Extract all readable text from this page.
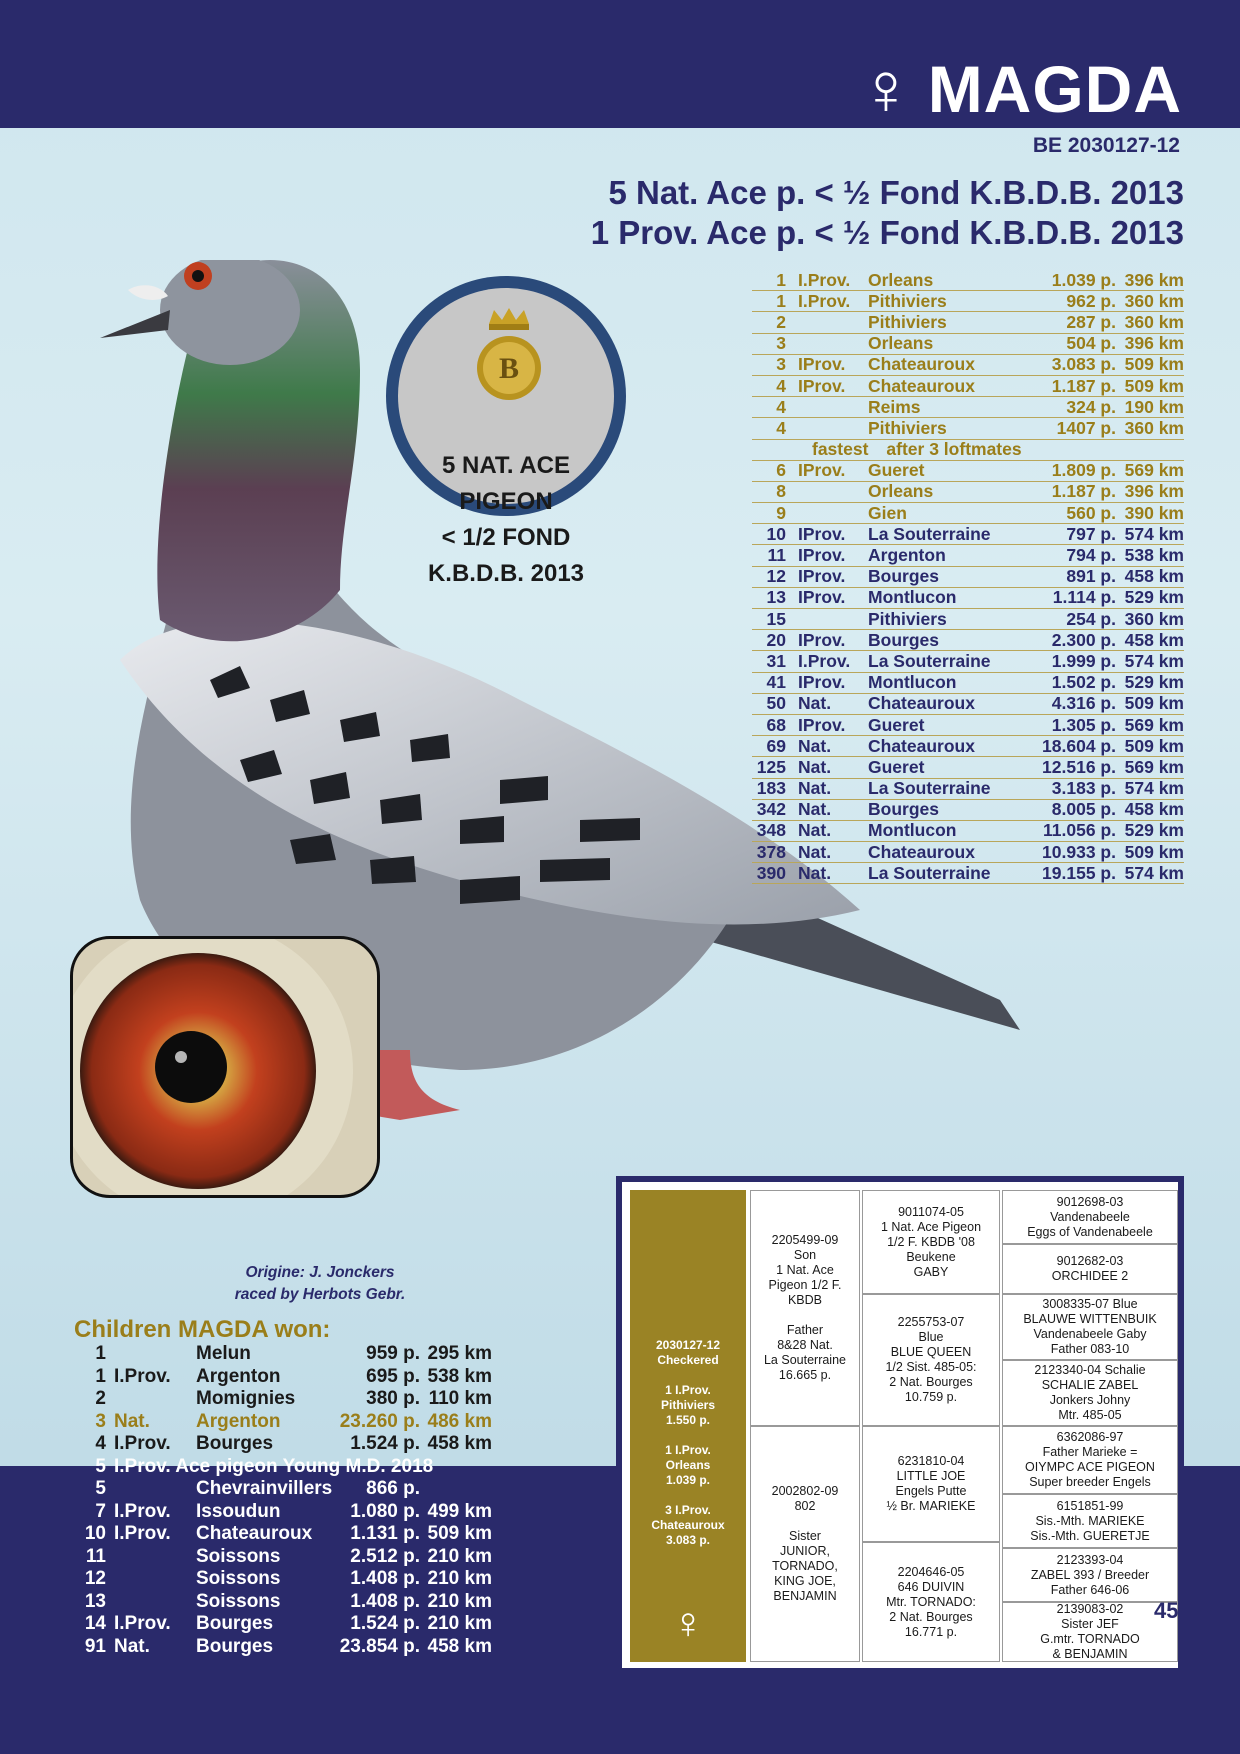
♀ MAGDA
BE 2030127-12
5 Nat. Ace p. < ½ Fond K.B.D.B. 2013
1 Prov. Ace p. < ½ Fond K.B.D.B. 2013
B
5 NAT. ACE PIGEON
< 1/2 FOND
K.B.D.B. 2013
1 I.Prov.	Orleans	1.039 p. 396 km
1 I.Prov.	Pithiviers	962 p. 360 km
2	Pithiviers	287 p. 360 km
3	Orleans	504 p. 396 km
3 IProv.	Chateauroux	3.083 p. 509 km
4 IProv.	Chateauroux	1.187 p. 509 km
4	Reims	324 p. 190 km
4	Pithiviers	1407 p. 360 km
fastest after 3 loftmates
6 IProv.	Gueret	1.809 p. 569 km
8	Orleans	1.187 p. 396 km
9	Gien	560 p. 390 km
10 IProv.	La Souterraine	797 p. 574 km
11 IProv.	Argenton	794 p. 538 km
12 IProv.	Bourges	891 p. 458 km
13 IProv.	Montlucon	1.114 p. 529 km
15	Pithiviers	254 p. 360 km
20 IProv.	Bourges	2.300 p. 458 km
31 I.Prov.	La Souterraine	1.999 p. 574 km
41 IProv.	Montlucon	1.502 p. 529 km
50 Nat.	Chateauroux	4.316 p. 509 km
68 IProv.	Gueret	1.305 p. 569 km
69 Nat.	Chateauroux	18.604 p. 509 km
125 Nat.	Gueret	12.516 p. 569 km
183 Nat.	La Souterraine	3.183 p. 574 km
342 Nat.	Bourges	8.005 p. 458 km
348 Nat.	Montlucon	11.056 p. 529 km
378 Nat.	Chateauroux	10.933 p. 509 km
390 Nat.	La Souterraine	19.155 p. 574 km
Origine: J. Jonckers
raced by Herbots Gebr.
Children MAGDA won:
1	Melun	959 p. 295 km
1 I.Prov.	Argenton	695 p. 538 km
2	Momignies	380 p. 110 km
3 Nat.	Argenton	23.260 p. 486 km
4 I.Prov.	Bourges	1.524 p. 458 km
5 I.Prov. Ace pigeon Young M.D. 2018
5	Chevrainvillers	866 p.
7 I.Prov.	Issoudun	1.080 p. 499 km
10 I.Prov.	Chateauroux	1.131 p. 509 km
11	Soissons	2.512 p. 210 km
12	Soissons	1.408 p. 210 km
13	Soissons	1.408 p. 210 km
14 I.Prov.	Bourges	1.524 p. 210 km
91 Nat.	Bourges	23.854 p. 458 km
2030127-12
Checkered
1 I.Prov.
Pithiviers
1.550 p.
1 I.Prov.
Orleans
1.039 p.
3 I.Prov.
Chateauroux
3.083 p.
♀
2205499-09
Son
1 Nat. Ace
Pigeon 1/2 F.
KBDB
Father
8&28 Nat.
La Souterraine
16.665 p.
2002802-09
802
Sister
JUNIOR,
TORNADO,
KING JOE,
BENJAMIN
9011074-05
1 Nat. Ace Pigeon
1/2 F. KBDB '08
Beukene
GABY
2255753-07
Blue
BLUE QUEEN
1/2 Sist. 485-05:
2 Nat. Bourges
10.759 p.
6231810-04
LITTLE JOE
Engels Putte
½ Br. MARIEKE
2204646-05
646 DUIVIN
Mtr. TORNADO:
2 Nat. Bourges
16.771 p.
9012698-03
Vandenabeele
Eggs of Vandenabeele
9012682-03
ORCHIDEE 2
3008335-07 Blue
BLAUWE WITTENBUIK
Vandenabeele Gaby
Father 083-10
2123340-04 Schalie
SCHALIE ZABEL
Jonkers Johny
Mtr. 485-05
6362086-97
Father Marieke =
OIYMPC ACE PIGEON
Super breeder Engels
6151851-99
Sis.-Mth. MARIEKE
Sis.-Mth. GUERETJE
2123393-04
ZABEL 393 / Breeder
Father 646-06
2139083-02
Sister JEF
G.mtr. TORNADO
& BENJAMIN
45
